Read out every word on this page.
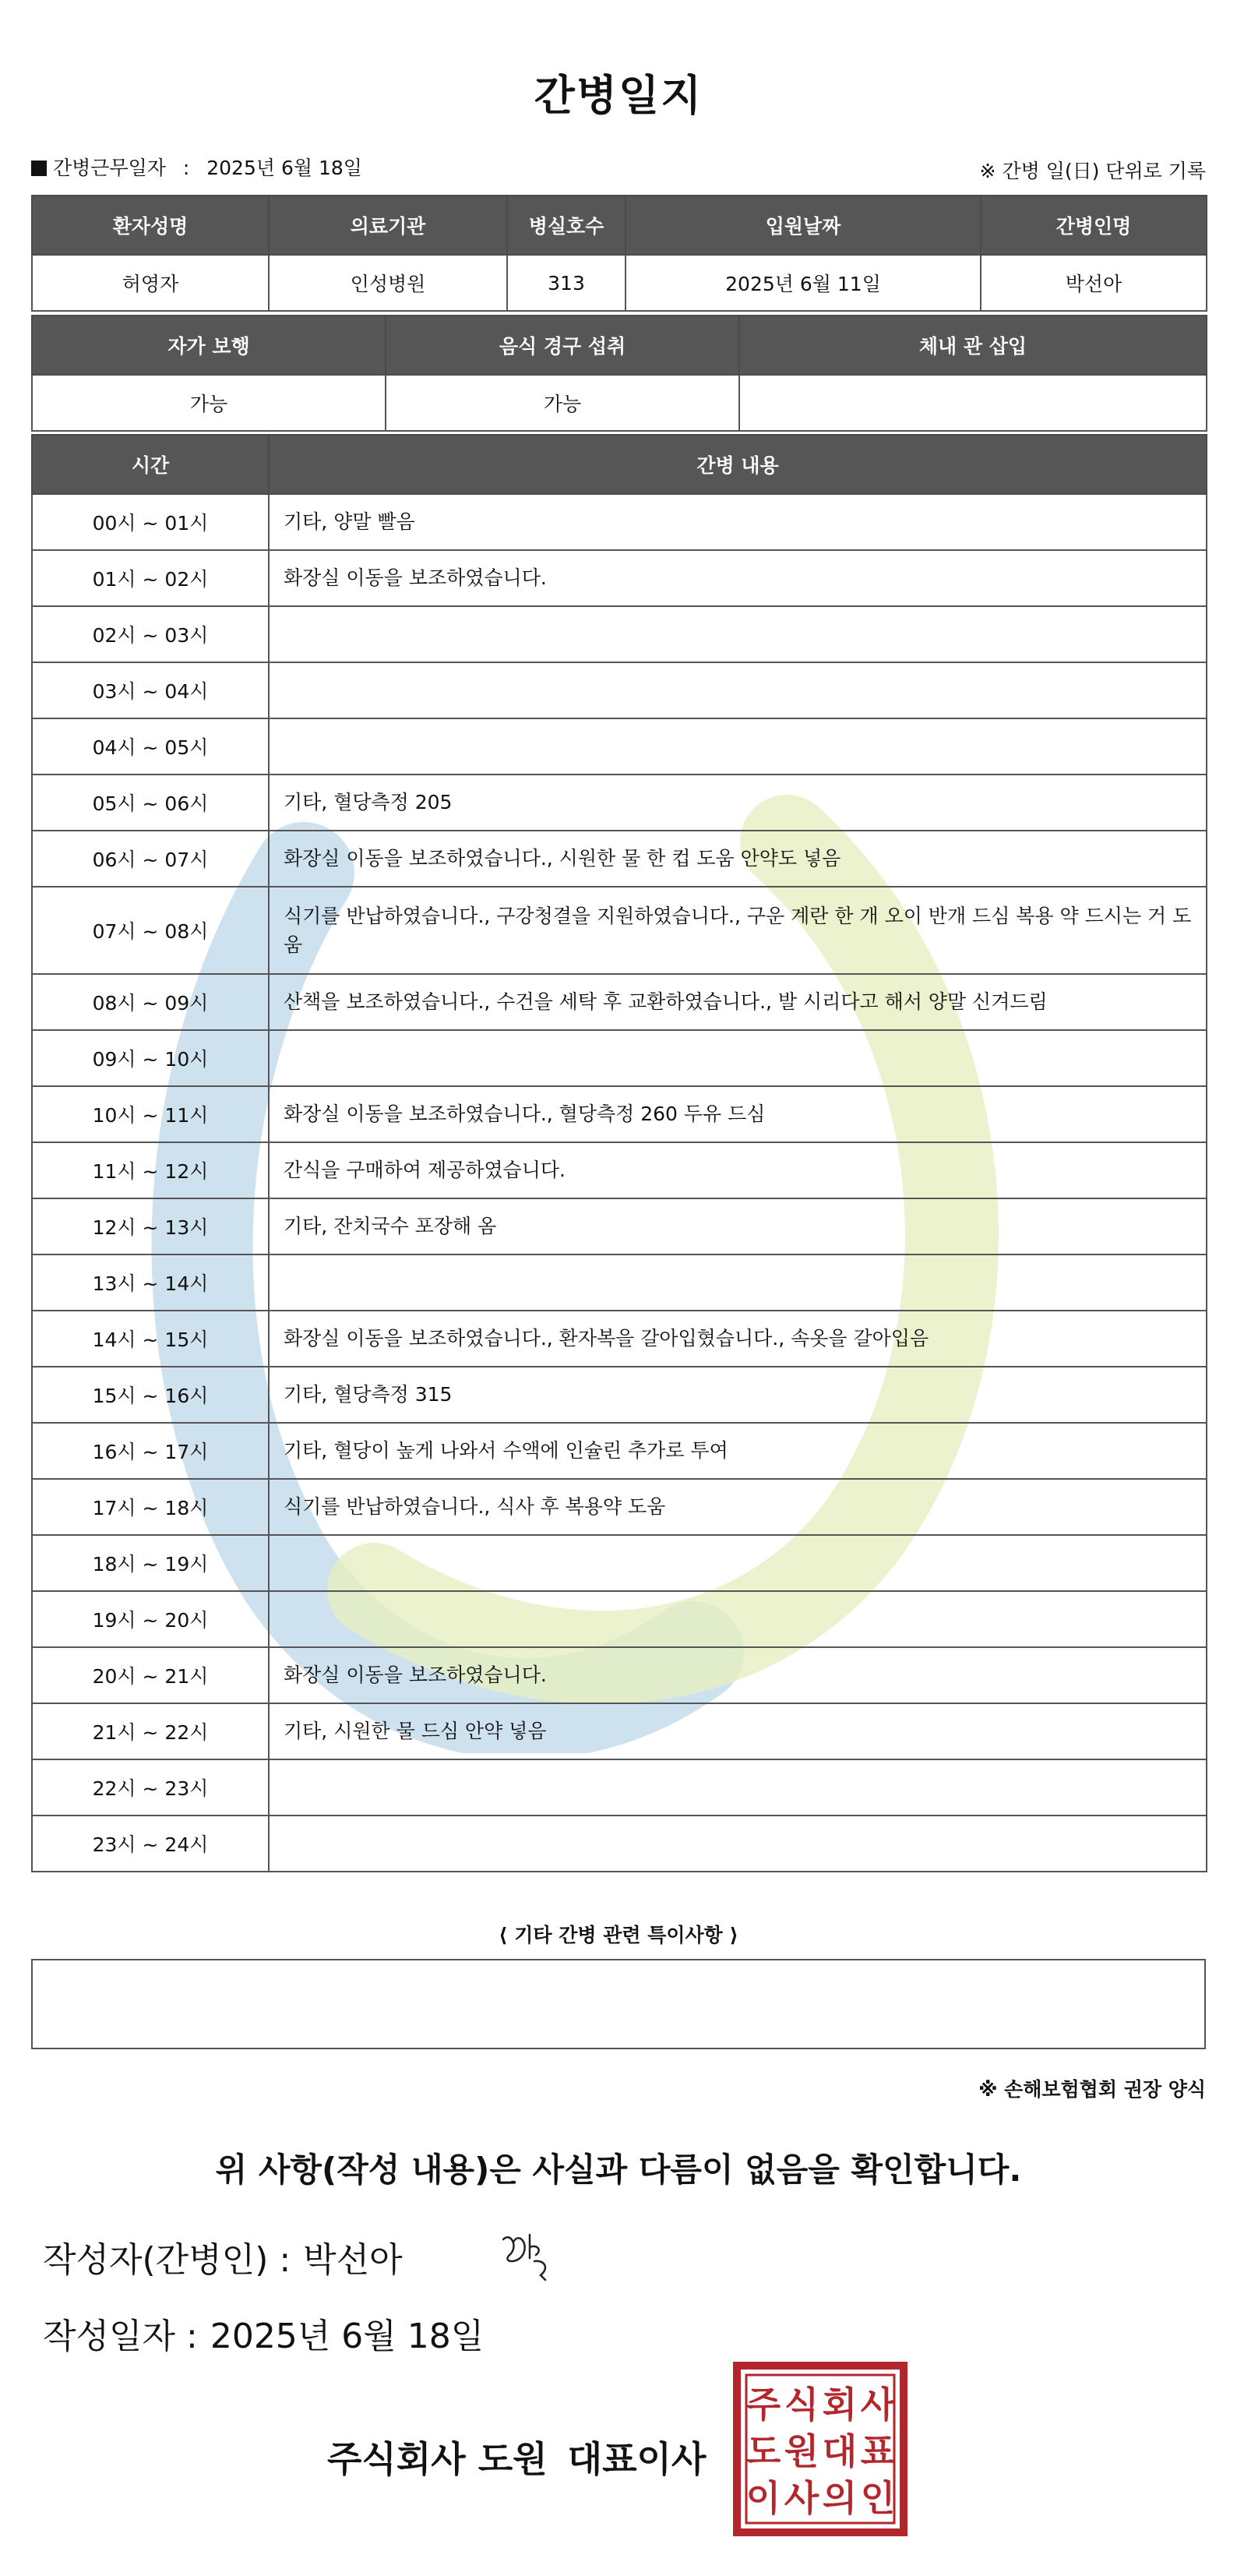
간병일지
간병근무일자 : 2025년 6월 18일	※ 간병 일(日) 단위로 기록
환자성명	의료기관	병실호수	입원날짜	간병인명
허영자	인성병원	313	2025년 6월 11일	박선아
자가 보행	음식 경구 섭취	체내 관 삽입
가능	가능	
시간	간병 내용
00시 ~ 01시	기타, 양말 빨음
01시 ~ 02시	화장실 이동을 보조하였습니다.
02시 ~ 03시	
03시 ~ 04시	
04시 ~ 05시	
05시 ~ 06시	기타, 혈당측정 205
06시 ~ 07시	화장실 이동을 보조하였습니다., 시원한 물 한 컵 도움 안약도 넣음
07시 ~ 08시	식기를 반납하였습니다., 구강청결을 지원하였습니다., 구운 계란 한 개 오이 반개 드심 복용 약 드시는 거 도움
08시 ~ 09시	산책을 보조하였습니다., 수건을 세탁 후 교환하였습니다., 발 시리다고 해서 양말 신겨드림
09시 ~ 10시	
10시 ~ 11시	화장실 이동을 보조하였습니다., 혈당측정 260 두유 드심
11시 ~ 12시	간식을 구매하여 제공하였습니다.
12시 ~ 13시	기타, 잔치국수 포장해 옴
13시 ~ 14시	
14시 ~ 15시	화장실 이동을 보조하였습니다., 환자복을 갈아입혔습니다., 속옷을 갈아입음
15시 ~ 16시	기타, 혈당측정 315
16시 ~ 17시	기타, 혈당이 높게 나와서 수액에 인슐린 추가로 투여
17시 ~ 18시	식기를 반납하였습니다., 식사 후 복용약 도움
18시 ~ 19시	
19시 ~ 20시	
20시 ~ 21시	화장실 이동을 보조하였습니다.
21시 ~ 22시	기타, 시원한 물 드심 안약 넣음
22시 ~ 23시	
23시 ~ 24시	
⟨ 기타 간병 관련 특이사항 ⟩
※ 손해보험협회 권장 양식
위 사항(작성 내용)은 사실과 다름이 없음을 확인합니다.
작성자(간병인) : 박선아
작성일자 : 2025년 6월 18일
주식회사 도원 대표이사
주 식 회 사
도 원 대 표
이 사 의 인
